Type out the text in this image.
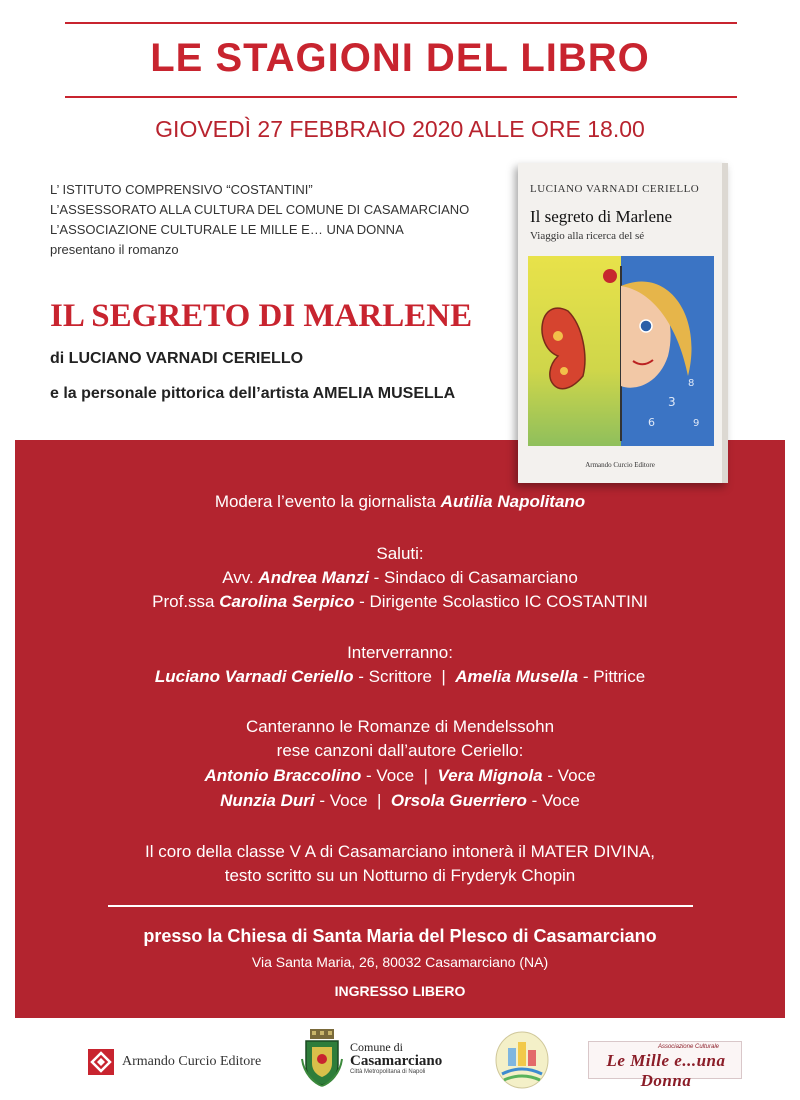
LE STAGIONI DEL LIBRO
GIOVEDÌ 27 FEBBRAIO 2020 ALLE ORE 18.00
L’ ISTITUTO COMPRENSIVO “COSTANTINI”
L’ASSESSORATO ALLA CULTURA DEL COMUNE DI CASAMARCIANO
L’ASSOCIAZIONE CULTURALE LE MILLE E… UNA DONNA
presentano il romanzo
IL SEGRETO DI MARLENE
di LUCIANO VARNADI CERIELLO
e la personale pittorica dell’artista AMELIA MUSELLA
LUCIANO VARNADI CERIELLO
Il segreto di Marlene
Viaggio alla ricerca del sé
3
8
6	9
Armando Curcio Editore
Modera l’evento la giornalista Autilia Napolitano
Saluti:
Avv. Andrea Manzi - Sindaco di Casamarciano
Prof.ssa Carolina Serpico - Dirigente Scolastico IC COSTANTINI
Interverranno:
Luciano Varnadi Ceriello - Scrittore  |  Amelia Musella - Pittrice
Canteranno le Romanze di Mendelssohn
rese canzoni dall’autore Ceriello:
Antonio Braccolino - Voce  |  Vera Mignola - Voce
Nunzia Duri - Voce  |  Orsola Guerriero - Voce
Il coro della classe V A di Casamarciano intonerà il MATER DIVINA,
testo scritto su un Notturno di Fryderyk Chopin
presso la Chiesa di Santa Maria del Plesco di Casamarciano
Via Santa Maria, 26, 80032 Casamarciano (NA)
INGRESSO LIBERO
Armando Curcio Editore
Comune di
Casamarciano
Città Metropolitana di Napoli
Associazione Culturale
Le Mille e...una Donna
